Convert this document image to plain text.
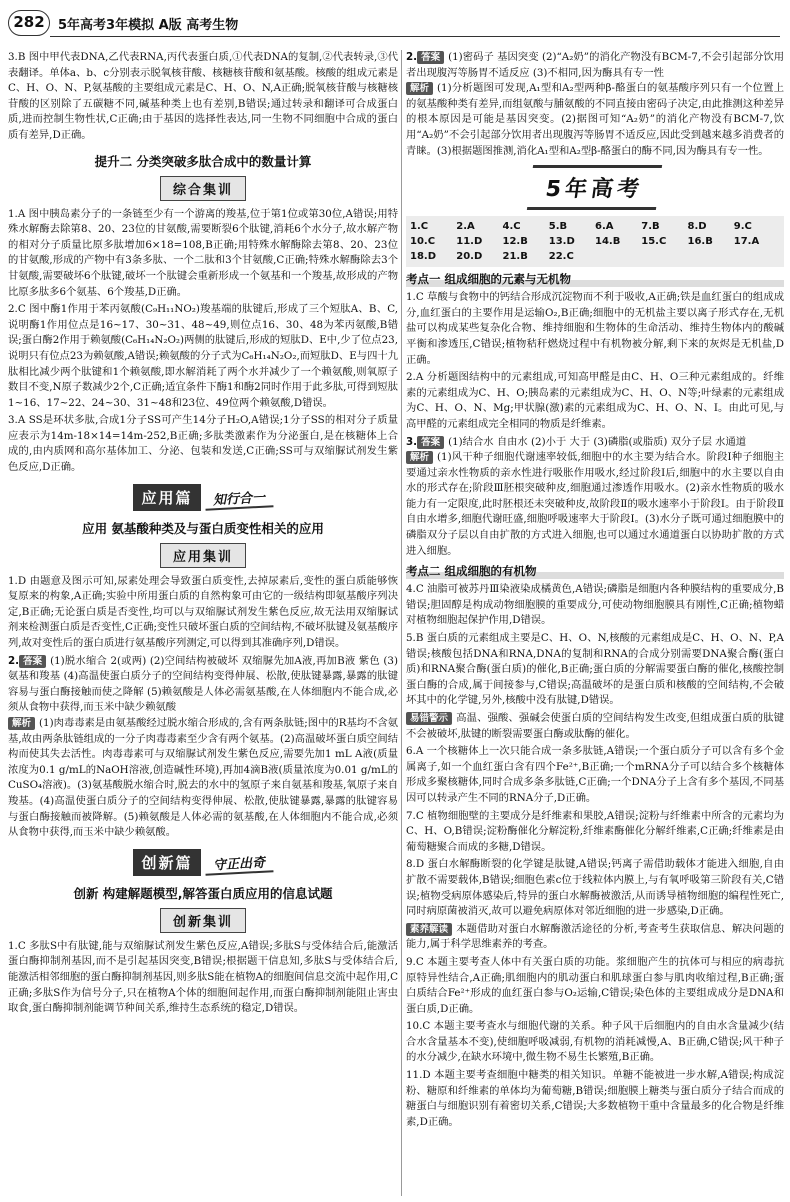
282	5年高考3年模拟 A版 高考生物

3.B 图中甲代表DNA,乙代表RNA,丙代表蛋白质,①代表DNA的复制,②代表转录,③代表翻译。单体a、b、c分别表示脱氧核苷酸、核糖核苷酸和氨基酸。核酸的组成元素是C、H、O、N、P,氨基酸的主要组成元素是C、H、O、N,A正确;脱氧核苷酸与核糖核苷酸的区别除了五碳糖不同,碱基种类上也有差别,B错误;通过转录和翻译可合成蛋白质,进而控制生物性状,C正确;由于基因的选择性表达,同一生物不同细胞中合成的蛋白质有差异,D正确。

提升二 分类突破多肽合成中的数量计算
综合集训

1.A 图中胰岛素分子的一条链至少有一个游离的羧基,位于第1位或第30位,A错误;用特殊水解酶去除第8、20、23位的甘氨酸,需要断裂6个肽键,消耗6个水分子,故水解产物的相对分子质量比原多肽增加6×18=108,B正确;用特殊水解酶除去第8、20、23位的甘氨酸,形成的产物中有3条多肽、一个二肽和3个甘氨酸,C正确;特殊水解酶除去3个甘氨酸,需要破坏6个肽键,破坏一个肽键会重新形成一个氨基和一个羧基,故形成的产物比原多肽多6个氨基、6个羧基,D正确。

2.C 图中酶1作用于苯丙氨酸(C₉H₁₁NO₂)羧基端的肽键后,形成了三个短肽A、B、C,说明酶1作用位点是16~17、30~31、48~49,则位点16、30、48为苯丙氨酸,B错误;蛋白酶2作用于赖氨酸(C₆H₁₄N₂O₂)两侧的肽键后,形成的短肽D、E中,少了位点23,说明只有位点23为赖氨酸,A错误;赖氨酸的分子式为C₆H₁₄N₂O₂,而短肽D、E与四十九肽相比减少两个肽键和1个赖氨酸,即水解消耗了两个水并减少了一个赖氨酸,则氧原子数目不变,N原子数减少2个,C正确;适宜条件下酶1和酶2同时作用于此多肽,可得到短肽1~16、17~22、24~30、31~48和23位、49位两个赖氨酸,D错误。

3.A SS是环状多肽,合成1分子SS可产生14分子H₂O,A错误;1分子SS的相对分子质量应表示为14m-18×14=14m-252,B正确;多肽类激素作为分泌蛋白,是在核糖体上合成的,由内质网和高尔基体加工、分泌、包装和发送,C正确;SS可与双缩脲试剂发生紫色反应,D正确。

应用篇 知行合一
应用 氨基酸种类及与蛋白质变性相关的应用
应用集训

1.D 由题意及图示可知,尿素处理会导致蛋白质变性,去掉尿素后,变性的蛋白质能够恢复原来的构象,A正确;实验中所用蛋白质的自然构象可由它的一级结构即氨基酸序列决定,B正确;无论蛋白质是否变性,均可以与双缩脲试剂发生紫色反应,故无法用双缩脲试剂来检测蛋白质是否变性,C正确;变性只破坏蛋白质的空间结构,不破坏肽键及氨基酸序列,故对变性后的蛋白质进行氨基酸序列测定,可以得到其准确序列,D错误。

2. 答案 (1)脱水缩合 2(或两) (2)空间结构被破坏 双缩脲先加A液,再加B液 紫色 (3)氨基和羧基 (4)高温使蛋白质分子的空间结构变得伸展、松散,使肽键暴露,暴露的肽键容易与蛋白酶接触而使之降解 (5)赖氨酸是人体必需氨基酸,在人体细胞内不能合成,必须从食物中获得,而玉米中缺少赖氨酸
解析 (1)肉毒毒素是由氨基酸经过脱水缩合形成的,含有两条肽链;图中的R基均不含氨基,故由两条肽链组成的一分子肉毒毒素至少含有两个氨基。(2)高温破坏蛋白质空间结构而使其失去活性。肉毒毒素可与双缩脲试剂发生紫色反应,需要先加1 mL A液(质量浓度为0.1 g/mL的NaOH溶液,创造碱性环境),再加4滴B液(质量浓度为0.01 g/mL的CuSO₄溶液)。(3)氨基酸脱水缩合时,脱去的水中的氢原子来自氨基和羧基,氧原子来自羧基。(4)高温使蛋白质分子的空间结构变得伸展、松散,使肽键暴露,暴露的肽键容易与蛋白酶接触而被降解。(5)赖氨酸是人体必需的氨基酸,在人体细胞内不能合成,必须从食物中获得,而玉米中缺少赖氨酸。

创新篇 守正出奇
创新 构建解题模型,解答蛋白质应用的信息试题
创新集训

1.C 多肽S中有肽键,能与双缩脲试剂发生紫色反应,A错误;多肽S与受体结合后,能激活蛋白酶抑制剂基因,而不是引起基因突变,B错误;根据题干信息知,多肽S与受体结合后,能激活相邻细胞的蛋白酶抑制剂基因,则多肽S能在植物A的细胞间信息交流中起作用,C正确;多肽S作为信号分子,只在植物A个体的细胞间起作用,而蛋白酶抑制剂能阻止害虫取食,蛋白酶抑制剂能调节种间关系,维持生态系统的稳定,D错误。

2. 答案 (1)密码子 基因突变 (2)“A₂奶”的消化产物没有BCM-7,不会引起部分饮用者出现腹泻等肠胃不适反应 (3)不相同,因为酶具有专一性
解析 (1)分析题图可发现,A₁型和A₂型两种β-酪蛋白的氨基酸序列只有一个位置上的氨基酸种类有差异,而组氨酸与脯氨酸的不同直接由密码子决定,由此推测这种差异的根本原因是可能是基因突变。(2)据图可知“A₂奶”的消化产物没有BCM-7,饮用“A₂奶”不会引起部分饮用者出现腹泻等肠胃不适反应,因此受到越来越多消费者的青睐。(3)根据题图推测,消化A₁型和A₂型β-酪蛋白的酶不同,因为酶具有专一性。

5年高考
1.C	2.A	4.C	5.B	6.A	7.B	8.D	9.C
10.C	11.D	12.B	13.D	14.B	15.C	16.B	17.A
18.D	20.D	21.B	22.C
考点一 组成细胞的元素与无机物

1.C 草酸与食物中的钙结合形成沉淀物而不利于吸收,A正确;铁是血红蛋白的组成成分,血红蛋白的主要作用是运输O₂,B正确;细胞中的无机盐主要以离子形式存在,无机盐可以构成某些复杂化合物、维持细胞和生物体的生命活动、维持生物体内的酸碱平衡和渗透压,C错误;植物秸秆燃烧过程中有机物被分解,剩下来的灰烬是无机盐,D正确。

2.A 分析题图结构中的元素组成,可知高甲醛是由C、H、O三种元素组成的。纤维素的元素组成为C、H、O;胰岛素的元素组成为C、H、O、N等;叶绿素的元素组成为C、H、O、N、Mg;甲状腺(激)素的元素组成为C、H、O、N、I。由此可见,与高甲醛的元素组成完全相同的物质是纤维素。

3. 答案 (1)结合水 自由水 (2)小于 大于 (3)磷脂(或脂质) 双分子层 水通道
解析 (1)风干种子细胞代谢速率较低,细胞中的水主要为结合水。阶段Ⅰ种子细胞主要通过亲水性物质的亲水性进行吸胀作用吸水,经过阶段Ⅰ后,细胞中的水主要以自由水的形式存在;阶段Ⅲ胚根突破种皮,细胞通过渗透作用吸水。(2)亲水性物质的吸水能力有一定限度,此时胚根还未突破种皮,故阶段Ⅱ的吸水速率小于阶段Ⅰ。由于阶段Ⅱ自由水增多,细胞代谢旺盛,细胞呼吸速率大于阶段Ⅰ。(3)水分子既可通过细胞膜中的磷脂双分子层以自由扩散的方式进入细胞,也可以通过水通道蛋白以协助扩散的方式进入细胞。

考点二 组成细胞的有机物

4.C 油脂可被苏丹Ⅲ染液染成橘黄色,A错误;磷脂是细胞内各种膜结构的重要成分,B错误;胆固醇是构成动物细胞膜的重要成分,可使动物细胞膜具有刚性,C正确;植物蜡对植物细胞起保护作用,D错误。

5.B 蛋白质的元素组成主要是C、H、O、N,核酸的元素组成是C、H、O、N、P,A错误;核酸包括DNA和RNA,DNA的复制和RNA的合成分别需要DNA聚合酶(蛋白质)和RNA聚合酶(蛋白质)的催化,B正确;蛋白质的分解需要蛋白酶的催化,核酸控制蛋白酶的合成,属于间接参与,C错误;高温破坏的是蛋白质和核酸的空间结构,不会破坏其中的化学键,另外,核酸中没有肽键,D错误。

易错警示 高温、强酸、强碱会使蛋白质的空间结构发生改变,但组成蛋白质的肽键不会被破坏,肽键的断裂需要蛋白酶或肽酶的催化。

6.A 一个核糖体上一次只能合成一条多肽链,A错误;一个蛋白质分子可以含有多个金属离子,如一个血红蛋白含有四个Fe²⁺,B正确;一个mRNA分子可以结合多个核糖体形成多聚核糖体,同时合成多条多肽链,C正确;一个DNA分子上含有多个基因,不同基因可以转录产生不同的RNA分子,D正确。

7.C 植物细胞壁的主要成分是纤维素和果胶,A错误;淀粉与纤维素中所含的元素均为C、H、O,B错误;淀粉酶催化分解淀粉,纤维素酶催化分解纤维素,C正确;纤维素是由葡萄糖聚合而成的多糖,D错误。

8.D 蛋白水解酶断裂的化学键是肽键,A错误;钙离子需借助载体才能进入细胞,自由扩散不需要载体,B错误;细胞色素c位于线粒体内膜上,与有氧呼吸第三阶段有关,C错误;植物受病原体感染后,特异的蛋白水解酶被激活,从而诱导植物细胞的编程性死亡,同时病原菌被消灭,故可以避免病原体对邻近细胞的进一步感染,D正确。

素养解读 本题借助对蛋白水解酶激活途径的分析,考查考生获取信息、解决问题的能力,属于科学思维素养的考查。

9.C 本题主要考查人体中有关蛋白质的功能。浆细胞产生的抗体可与相应的病毒抗原特异性结合,A正确;肌细胞内的肌动蛋白和肌球蛋白参与肌肉收缩过程,B正确;蛋白质结合Fe²⁺形成的血红蛋白参与O₂运输,C错误;染色体的主要组成成分是DNA和蛋白质,D正确。

10.C 本题主要考查水与细胞代谢的关系。种子风干后细胞内的自由水含量减少(结合水含量基本不变),使细胞呼吸减弱,有机物的消耗减慢,A、B正确,C错误;风干种子的水分减少,在缺水环境中,微生物不易生长繁殖,B正确。

11.D 本题主要考查细胞中糖类的相关知识。单糖不能被进一步水解,A错误;构成淀粉、糖原和纤维素的单体均为葡萄糖,B错误;细胞膜上糖类与蛋白质分子结合而成的糖蛋白与细胞识别有着密切关系,C错误;大多数植物干重中含量最多的化合物是纤维素,D正确。
